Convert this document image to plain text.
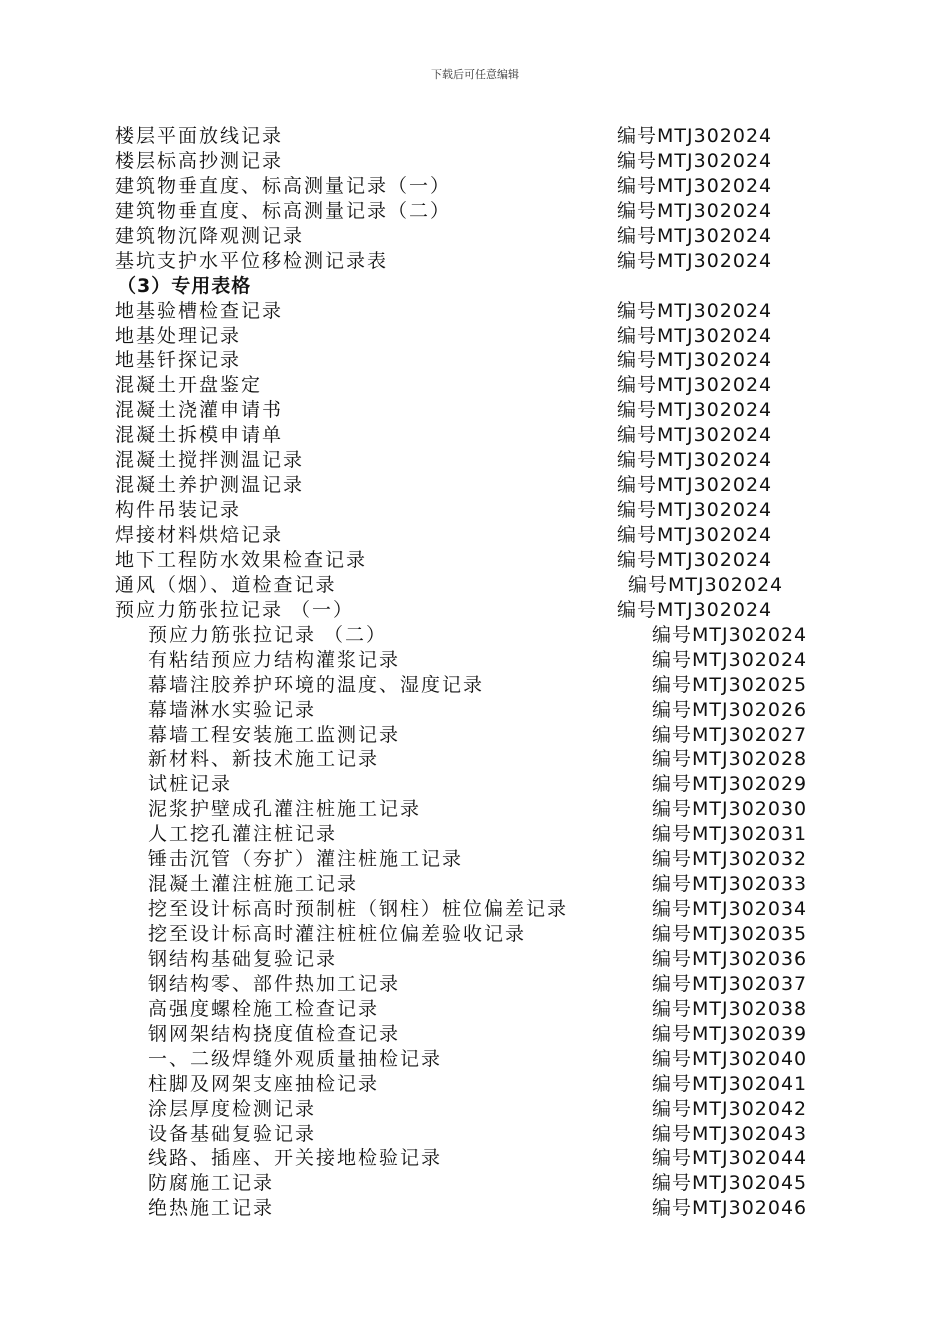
下载后可任意编辑
楼层平面放线记录	编号MTJ302024
楼层标高抄测记录	编号MTJ302024
建筑物垂直度、标高测量记录（一）	编号MTJ302024
建筑物垂直度、标高测量记录（二）	编号MTJ302024
建筑物沉降观测记录	编号MTJ302024
基坑支护水平位移检测记录表	编号MTJ302024
（3）专用表格
地基验槽检查记录	编号MTJ302024
地基处理记录	编号MTJ302024
地基钎探记录	编号MTJ302024
混凝土开盘鉴定	编号MTJ302024
混凝土浇灌申请书	编号MTJ302024
混凝土拆模申请单	编号MTJ302024
混凝土搅拌测温记录	编号MTJ302024
混凝土养护测温记录	编号MTJ302024
构件吊装记录	编号MTJ302024
焊接材料烘焙记录	编号MTJ302024
地下工程防水效果检查记录	编号MTJ302024
通风（烟）、道检查记录	编号MTJ302024
预应力筋张拉记录 （一）	编号MTJ302024
预应力筋张拉记录 （二）	编号MTJ302024
有粘结预应力结构灌浆记录	编号MTJ302024
幕墙注胶养护环境的温度、湿度记录	编号MTJ302025
幕墙淋水实验记录	编号MTJ302026
幕墙工程安装施工监测记录	编号MTJ302027
新材料、新技术施工记录	编号MTJ302028
试桩记录	编号MTJ302029
泥浆护壁成孔灌注桩施工记录	编号MTJ302030
人工挖孔灌注桩记录	编号MTJ302031
锤击沉管（夯扩）灌注桩施工记录	编号MTJ302032
混凝土灌注桩施工记录	编号MTJ302033
挖至设计标高时预制桩（钢柱）桩位偏差记录	编号MTJ302034
挖至设计标高时灌注桩桩位偏差验收记录	编号MTJ302035
钢结构基础复验记录	编号MTJ302036
钢结构零、部件热加工记录	编号MTJ302037
高强度螺栓施工检查记录	编号MTJ302038
钢网架结构挠度值检查记录	编号MTJ302039
一、二级焊缝外观质量抽检记录	编号MTJ302040
柱脚及网架支座抽检记录	编号MTJ302041
涂层厚度检测记录	编号MTJ302042
设备基础复验记录	编号MTJ302043
线路、插座、开关接地检验记录	编号MTJ302044
防腐施工记录	编号MTJ302045
绝热施工记录	编号MTJ302046
